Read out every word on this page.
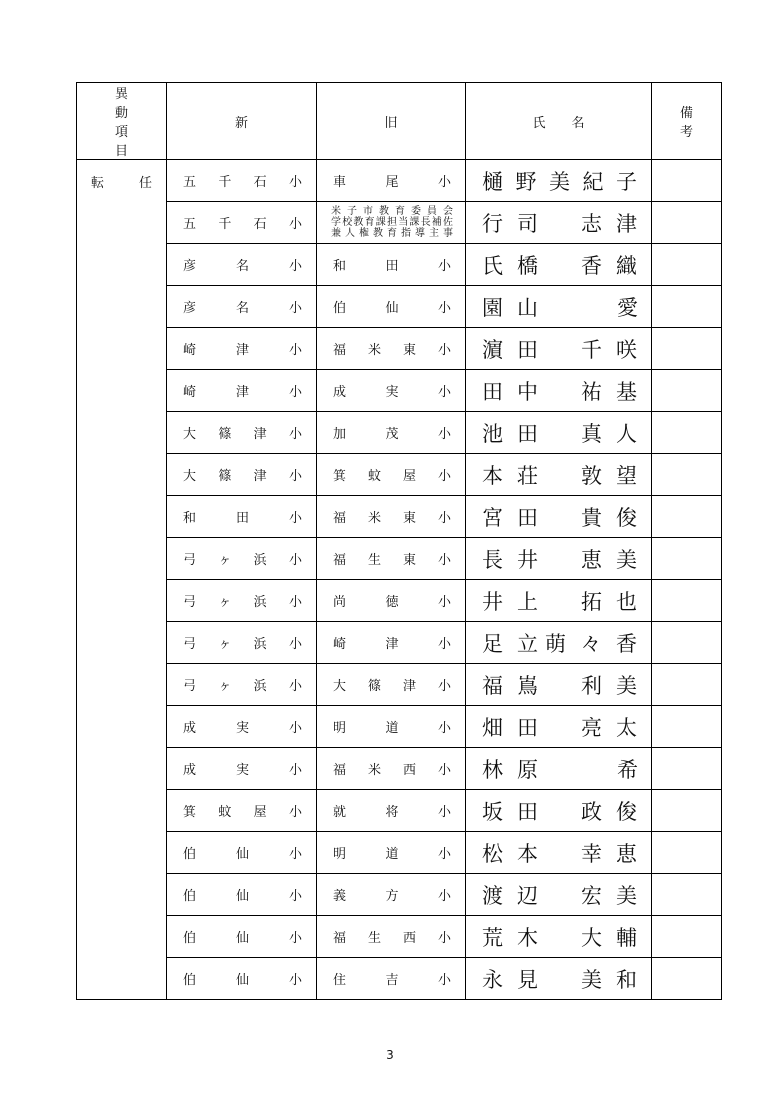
異動項目	新	旧	氏　　名	備　考

転　任	五千石小	車尾小	樋 野 美 紀 子	

	五千石小	米子市教育委員会
学校教育課担当課長補佐
兼人権教育指導主事	行 司 志 津	

	彦名小	和田小	氏 橋 香 織	

	彦名小	伯仙小	園 山 愛	

	崎津小	福米東小	濵 田 千 咲	

	崎津小	成実小	田 中 祐 基	

	大篠津小	加茂小	池 田 真 人	

	大篠津小	箕蚊屋小	本 荘 敦 望	

	和田小	福米東小	宮 田 貴 俊	

	弓ヶ浜小	福生東小	長 井 恵 美	

	弓ヶ浜小	尚徳小	井 上 拓 也	

	弓ヶ浜小	崎津小	足 立 萌 々 香	

	弓ヶ浜小	大篠津小	福 嶌 利 美	

	成実小	明道小	畑 田 亮 太	

	成実小	福米西小	林 原 希	

	箕蚊屋小	就将小	坂 田 政 俊	

	伯仙小	明道小	松 本 幸 恵	

	伯仙小	義方小	渡 辺 宏 美	

	伯仙小	福生西小	荒 木 大 輔	

	伯仙小	住吉小	永 見 美 和	

3
